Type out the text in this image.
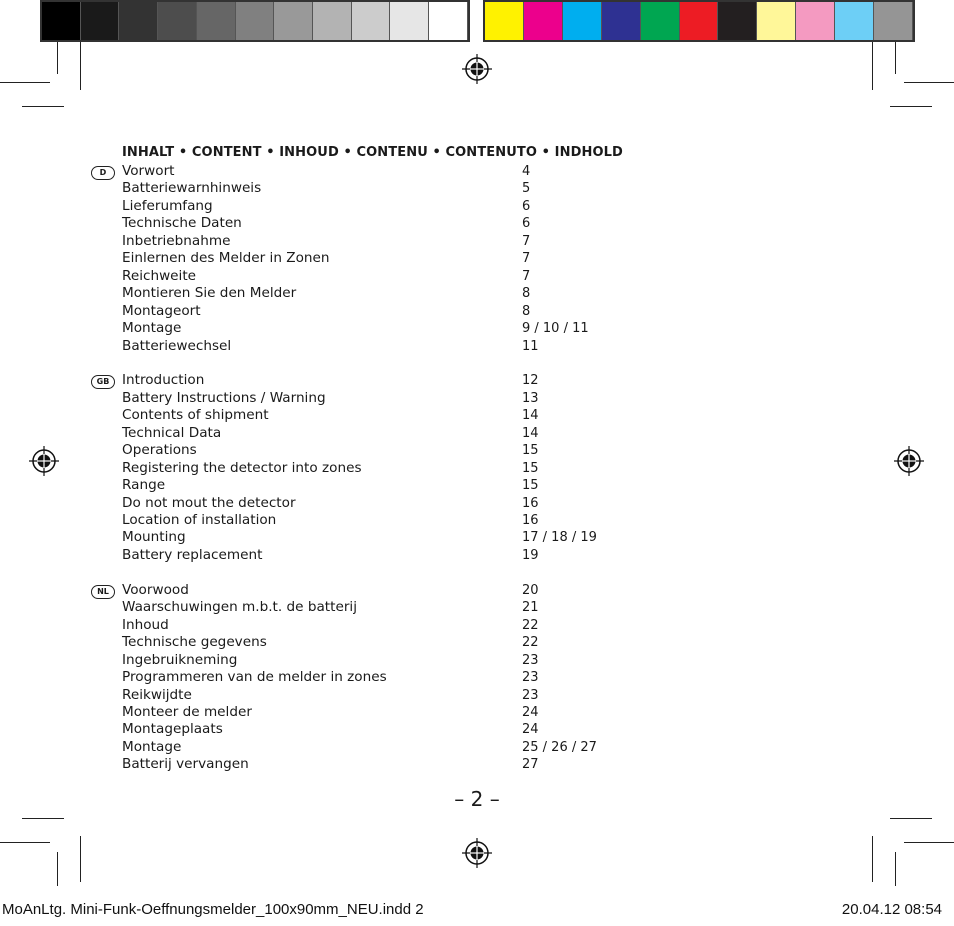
INHALT • CONTENT • INHOUD • CONTENU • CONTENUTO • INDHOLD
D	Vorwort	4
Batteriewarnhinweis	5
Lieferumfang	6
Technische Daten	6
Inbetriebnahme	7
Einlernen des Melder in Zonen	7
Reichweite	7
Montieren Sie den Melder	8
Montageort	8
Montage	9 / 10 / 11
Batteriewechsel	11
GB Introduction	12
Battery Instructions / Warning	13
Contents of shipment	14
Technical Data	14
Operations	15
Registering the detector into zones	15
Range	15
Do not mout the detector	16
Location of installation	16
Mounting	17 / 18 / 19
Battery replacement	19
NL Voorwood	20
Waarschuwingen m.b.t. de batterij	21
Inhoud	22
Technische gegevens	22
Ingebruikneming	23
Programmeren van de melder in zones	23
Reikwijdte	23
Monteer de melder	24
Montageplaats	24
Montage	25 / 26 / 27
Batterij vervangen	27
– 2 –
MoAnLtg. Mini-Funk-Oeffnungsmelder_100x90mm_NEU.indd 2	20.04.12 08:54
